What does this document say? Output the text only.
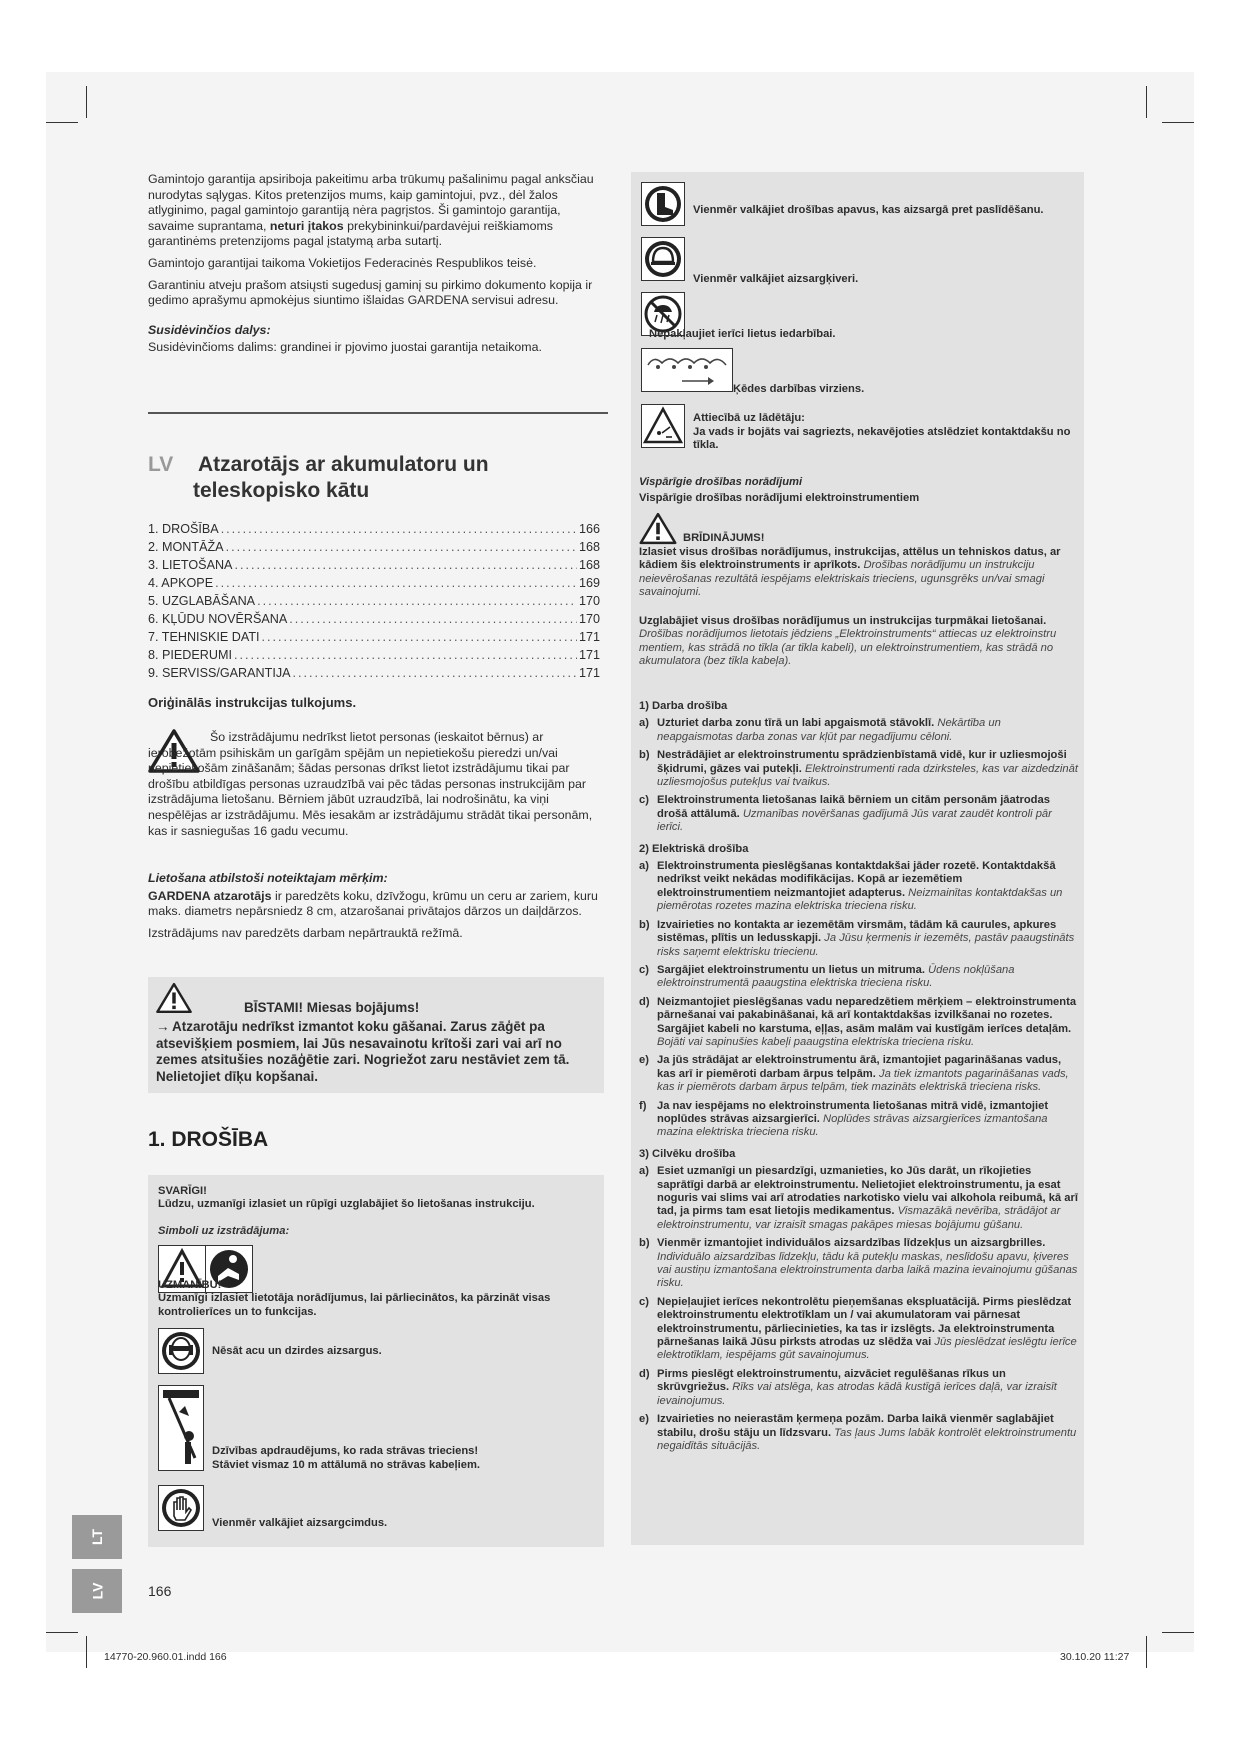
Gamintojo garantija apsiriboja pakeitimu arba trūkumų pašalinimu pagal anksčiau nurodytas sąlygas. Kitos pretenzijos mums, kaip gamintojui, pvz., dėl žalos atlyginimo, pagal gamintojo garantiją nėra pagrįstos. Ši gamintojo garantija, savaime suprantama, neturi įtakos prekybininkui/pardavėjui reiškiamoms garantinėms pretenzijoms pagal įstatymą arba sutartį.

Gamintojo garantijai taikoma Vokietijos Federacinės Respublikos teisė.

Garantiniu atveju prašom atsiųsti sugedusį gaminį su pirkimo dokumento kopija ir gedimo aprašymu apmokėjus siuntimo išlaidas GARDENA servisui adresu.

Susidėvinčios dalys:

Susidėvinčioms dalims: grandinei ir pjovimo juostai garantija netaikoma.

LV Atzarotājs ar akumulatoru un
teleskopisko kātu
1. DROŠĪBA .....	166
2. MONTĀŽA .....	168
3. LIETOŠANA .....	168
4. APKOPE .....	169
5. UZGLABĀŠANA .....	170
6. KĻŪDU NOVĒRŠANA .....	170
7. TEHNISKIE DATI .....	171
8. PIEDERUMI .....	171
9. SERVISS/GARANTIJA .....	171
Oriģinālās instrukcijas tulkojums.
Šo izstrādājumu nedrīkst lietot personas (ieskaitot bērnus) ar ierobežotām psihiskām un garīgām spējām un nepietiekošu pieredzi un/vai nepietiekošām zināšanām; šādas personas drīkst lietot izstrādājumu tikai par drošību atbildīgas personas uzraudzībā vai pēc tādas personas instrukcijām par izstrādājuma lietošanu. Bērniem jābūt uzraudzībā, lai nodrošinātu, ka viņi nespēlējas ar izstrādājumu. Mēs iesakām ar izstrādājumu strādāt tikai personām, kas ir sasniegušas 16 gadu vecumu.
Lietošana atbilstoši noteiktajam mērķim:

GARDENA atzarotājs ir paredzēts koku, dzīvžogu, krūmu un ceru ar zariem, kuru maks. diametrs nepārsniedz 8 cm, atzarošanai privātajos dārzos un daiļdārzos.

Izstrādājums nav paredzēts darbam nepārtrauktā režīmā.

BĪSTAMI! Miesas bojājums!
→ Atzarotāju nedrīkst izmantot koku gāšanai. Zarus zāģēt pa atsevišķiem posmiem, lai Jūs nesavainotu krītoši zari vai arī no zemes atsitušies nozāģētie zari. Nogriežot zaru nestāviet zem tā. Nelietojiet dīķu kopšanai.
1. DROŠĪBA
SVARĪGI!
Lūdzu, uzmanīgi izlasiet un rūpīgi uzglabājiet šo lietošanas instrukciju.
Simboli uz izstrādājuma:
UZMANĪBU!
Uzmanīgi izlasiet lietotāja norādījumus, lai pārliecinātos, ka pārzināt visas kontrolierīces un to funkcijas.
Nēsāt acu un dzirdes aizsargus.
Dzīvības apdraudējums, ko rada strāvas trieciens!
Stāviet vismaz 10 m attālumā no strāvas kabeļiem.
Vienmēr valkājiet aizsargcimdus.
LT
LV	166
Vienmēr valkājiet drošības apavus, kas aizsargā pret paslīdēšanu.
Vienmēr valkājiet aizsargķiveri.
Nepakļaujiet ierīci lietus iedarbībai.
Ķēdes darbības virziens.
Attiecībā uz lādētāju:
Ja vads ir bojāts vai sagriezts, nekavējoties atslēdziet kontaktdakšu no tīkla.
Vispārīgie drošības norādījumi
Vispārīgie drošības norādījumi elektroinstrumentiem
BRĪDINĀJUMS!
Izlasiet visus drošības norādījumus, instrukcijas, attēlus un tehniskos datus, ar kādiem šis elektroinstruments ir aprīkots. Drošības norādījumu un instrukciju neievērošanas rezultātā iespējams elektriskais trieciens, ugunsgrēks un/vai smagi savainojumi.
Uzglabājiet visus drošības norādījumus un instrukcijas turpmākai lietošanai. Drošības norādījumos lietotais jēdziens „Elektroinstruments“ attiecas uz elektroinstru mentiem, kas strādā no tīkla (ar tīkla kabeli), un elektroinstrumentiem, kas strādā no akumulatora (bez tīkla kabeļa).
1) Darba drošība
a) Uzturiet darba zonu tīrā un labi apgaismotā stāvoklī. Nekārtība un neapgaismotas darba zonas var kļūt par negadījumu cēloni.
b) Nestrādājiet ar elektroinstrumentu sprādzienbīstamā vidē, kur ir uzliesmojoši šķidrumi, gāzes vai putekļi. Elektroinstrumenti rada dzirksteles, kas var aizdedzināt uzliesmojošus putekļus vai tvaikus.
c) Elektroinstrumenta lietošanas laikā bērniem un citām personām jāatrodas drošā attālumā. Uzmanības novēršanas gadījumā Jūs varat zaudēt kontroli pār ierīci.
2) Elektriskā drošība
a) Elektroinstrumenta pieslēgšanas kontaktdakšai jāder rozetē. Kontaktdakšā nedrīkst veikt nekādas modifikācijas. Kopā ar iezemētiem elektroinstrumentiem neizmantojiet adapterus. Neizmainītas kontaktdakšas un piemērotas rozetes mazina elektriska trieciena risku.
b) Izvairieties no kontakta ar iezemētām virsmām, tādām kā caurules, apkures sistēmas, plītis un ledusskapji. Ja Jūsu ķermenis ir iezemēts, pastāv paaugstināts risks saņemt elektrisku triecienu.
c) Sargājiet elektroinstrumentu un lietus un mitruma. Ūdens nokļūšana elektroinstrumentā paaugstina elektriska trieciena risku.
d) Neizmantojiet pieslēgšanas vadu neparedzētiem mērķiem – elektroinstrumenta pārnešanai vai pakabināšanai, kā arī kontaktdakšas izvilkšanai no rozetes. Sargājiet kabeli no karstuma, eļļas, asām malām vai kustīgām ierīces detaļām. Bojāti vai sapinušies kabeļi paaugstina elektriska trieciena risku.
e) Ja jūs strādājat ar elektroinstrumentu ārā, izmantojiet pagarināšanas vadus, kas arī ir piemēroti darbam ārpus telpām. Ja tiek izmantots pagarināšanas vads, kas ir piemērots darbam ārpus telpām, tiek mazināts elektriskā trieciena risks.
f) Ja nav iespējams no elektroinstrumenta lietošanas mitrā vidē, izmantojiet noplūdes strāvas aizsargierīci. Noplūdes strāvas aizsargierīces izmantošana mazina elektriska trieciena risku.
3) Cilvēku drošība
a) Esiet uzmanīgi un piesardzīgi, uzmanieties, ko Jūs darāt, un rīkojieties saprātīgi darbā ar elektroinstrumentu. Nelietojiet elektroinstrumentu, ja esat noguris vai slims vai arī atrodaties narkotisko vielu vai alkohola reibumā, kā arī tad, ja pirms tam esat lietojis medikamentus. Vismazākā nevērība, strādājot ar elektroinstrumentu, var izraisīt smagas pakāpes miesas bojājumu gūšanu.
b) Vienmēr izmantojiet individuālos aizsardzības līdzekļus un aizsargbrilles. Individuālo aizsardzības līdzekļu, tādu kā putekļu maskas, neslīdošu apavu, ķiveres vai austiņu izmantošana elektroinstrumenta darba laikā mazina ievainojumu gūšanas risku.
c) Nepieļaujiet ierīces nekontrolētu pieņemšanas ekspluatācijā. Pirms pieslēdzat elektroinstrumentu elektrotīklam un / vai akumulatoram vai pārnesat elektroinstrumentu, pārliecinieties, ka tas ir izslēgts. Ja elektroinstrumenta pārnešanas laikā Jūsu pirksts atrodas uz slēdža vai Jūs pieslēdzat ieslēgtu ierīce elektrotīklam, iespējams gūt savainojumus.
d) Pirms pieslēgt elektroinstrumentu, aizvāciet regulēšanas rīkus un skrūvgriežus. Rīks vai atslēga, kas atrodas kādā kustīgā ierīces daļā, var izraisīt ievainojumus.
e) Izvairieties no neierastām ķermeņa pozām. Darba laikā vienmēr saglabājiet stabilu, drošu stāju un līdzsvaru. Tas ļaus Jums labāk kontrolēt elektroinstrumentu negaidītās situācijās.
14770-20.960.01.indd 166	30.10.20 11:27
